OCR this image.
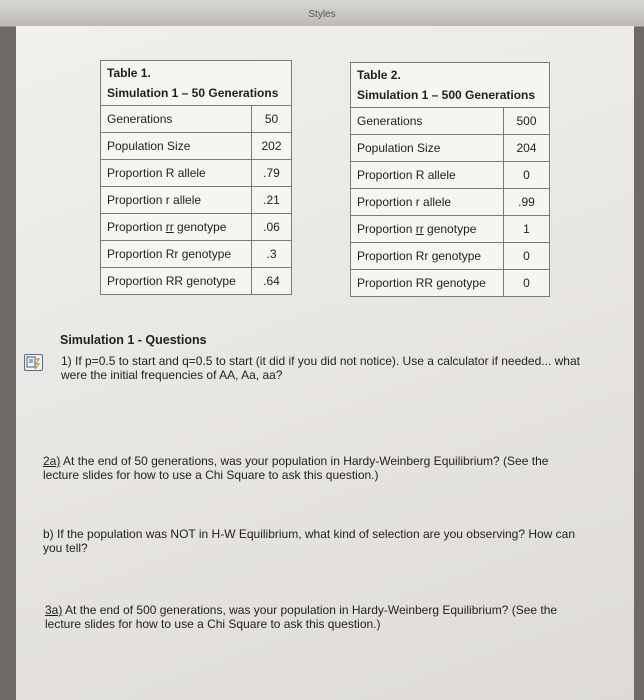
Styles
Table 1.
Simulation 1 – 50 Generations	

Generations	50
Population Size	202
Proportion R allele	.79
Proportion r allele	.21
Proportion rr genotype	.06
Proportion Rr genotype	.3
Proportion RR genotype	.64
Table 2.
Simulation 1 – 500 Generations	

Generations	500
Population Size	204
Proportion R allele	0
Proportion r allele	.99
Proportion rr genotype	1
Proportion Rr genotype	0
Proportion RR genotype	0
Simulation 1 - Questions
1) If p=0.5 to start and q=0.5 to start (it did if you did not notice). Use a calculator if needed... what were the initial frequencies of AA, Aa, aa?
2a) At the end of 50 generations, was your population in Hardy-Weinberg Equilibrium? (See the lecture slides for how to use a Chi Square to ask this question.)
b) If the population was NOT in H-W Equilibrium, what kind of selection are you observing? How can you tell?
3a) At the end of 500 generations, was your population in Hardy-Weinberg Equilibrium? (See the lecture slides for how to use a Chi Square to ask this question.)
